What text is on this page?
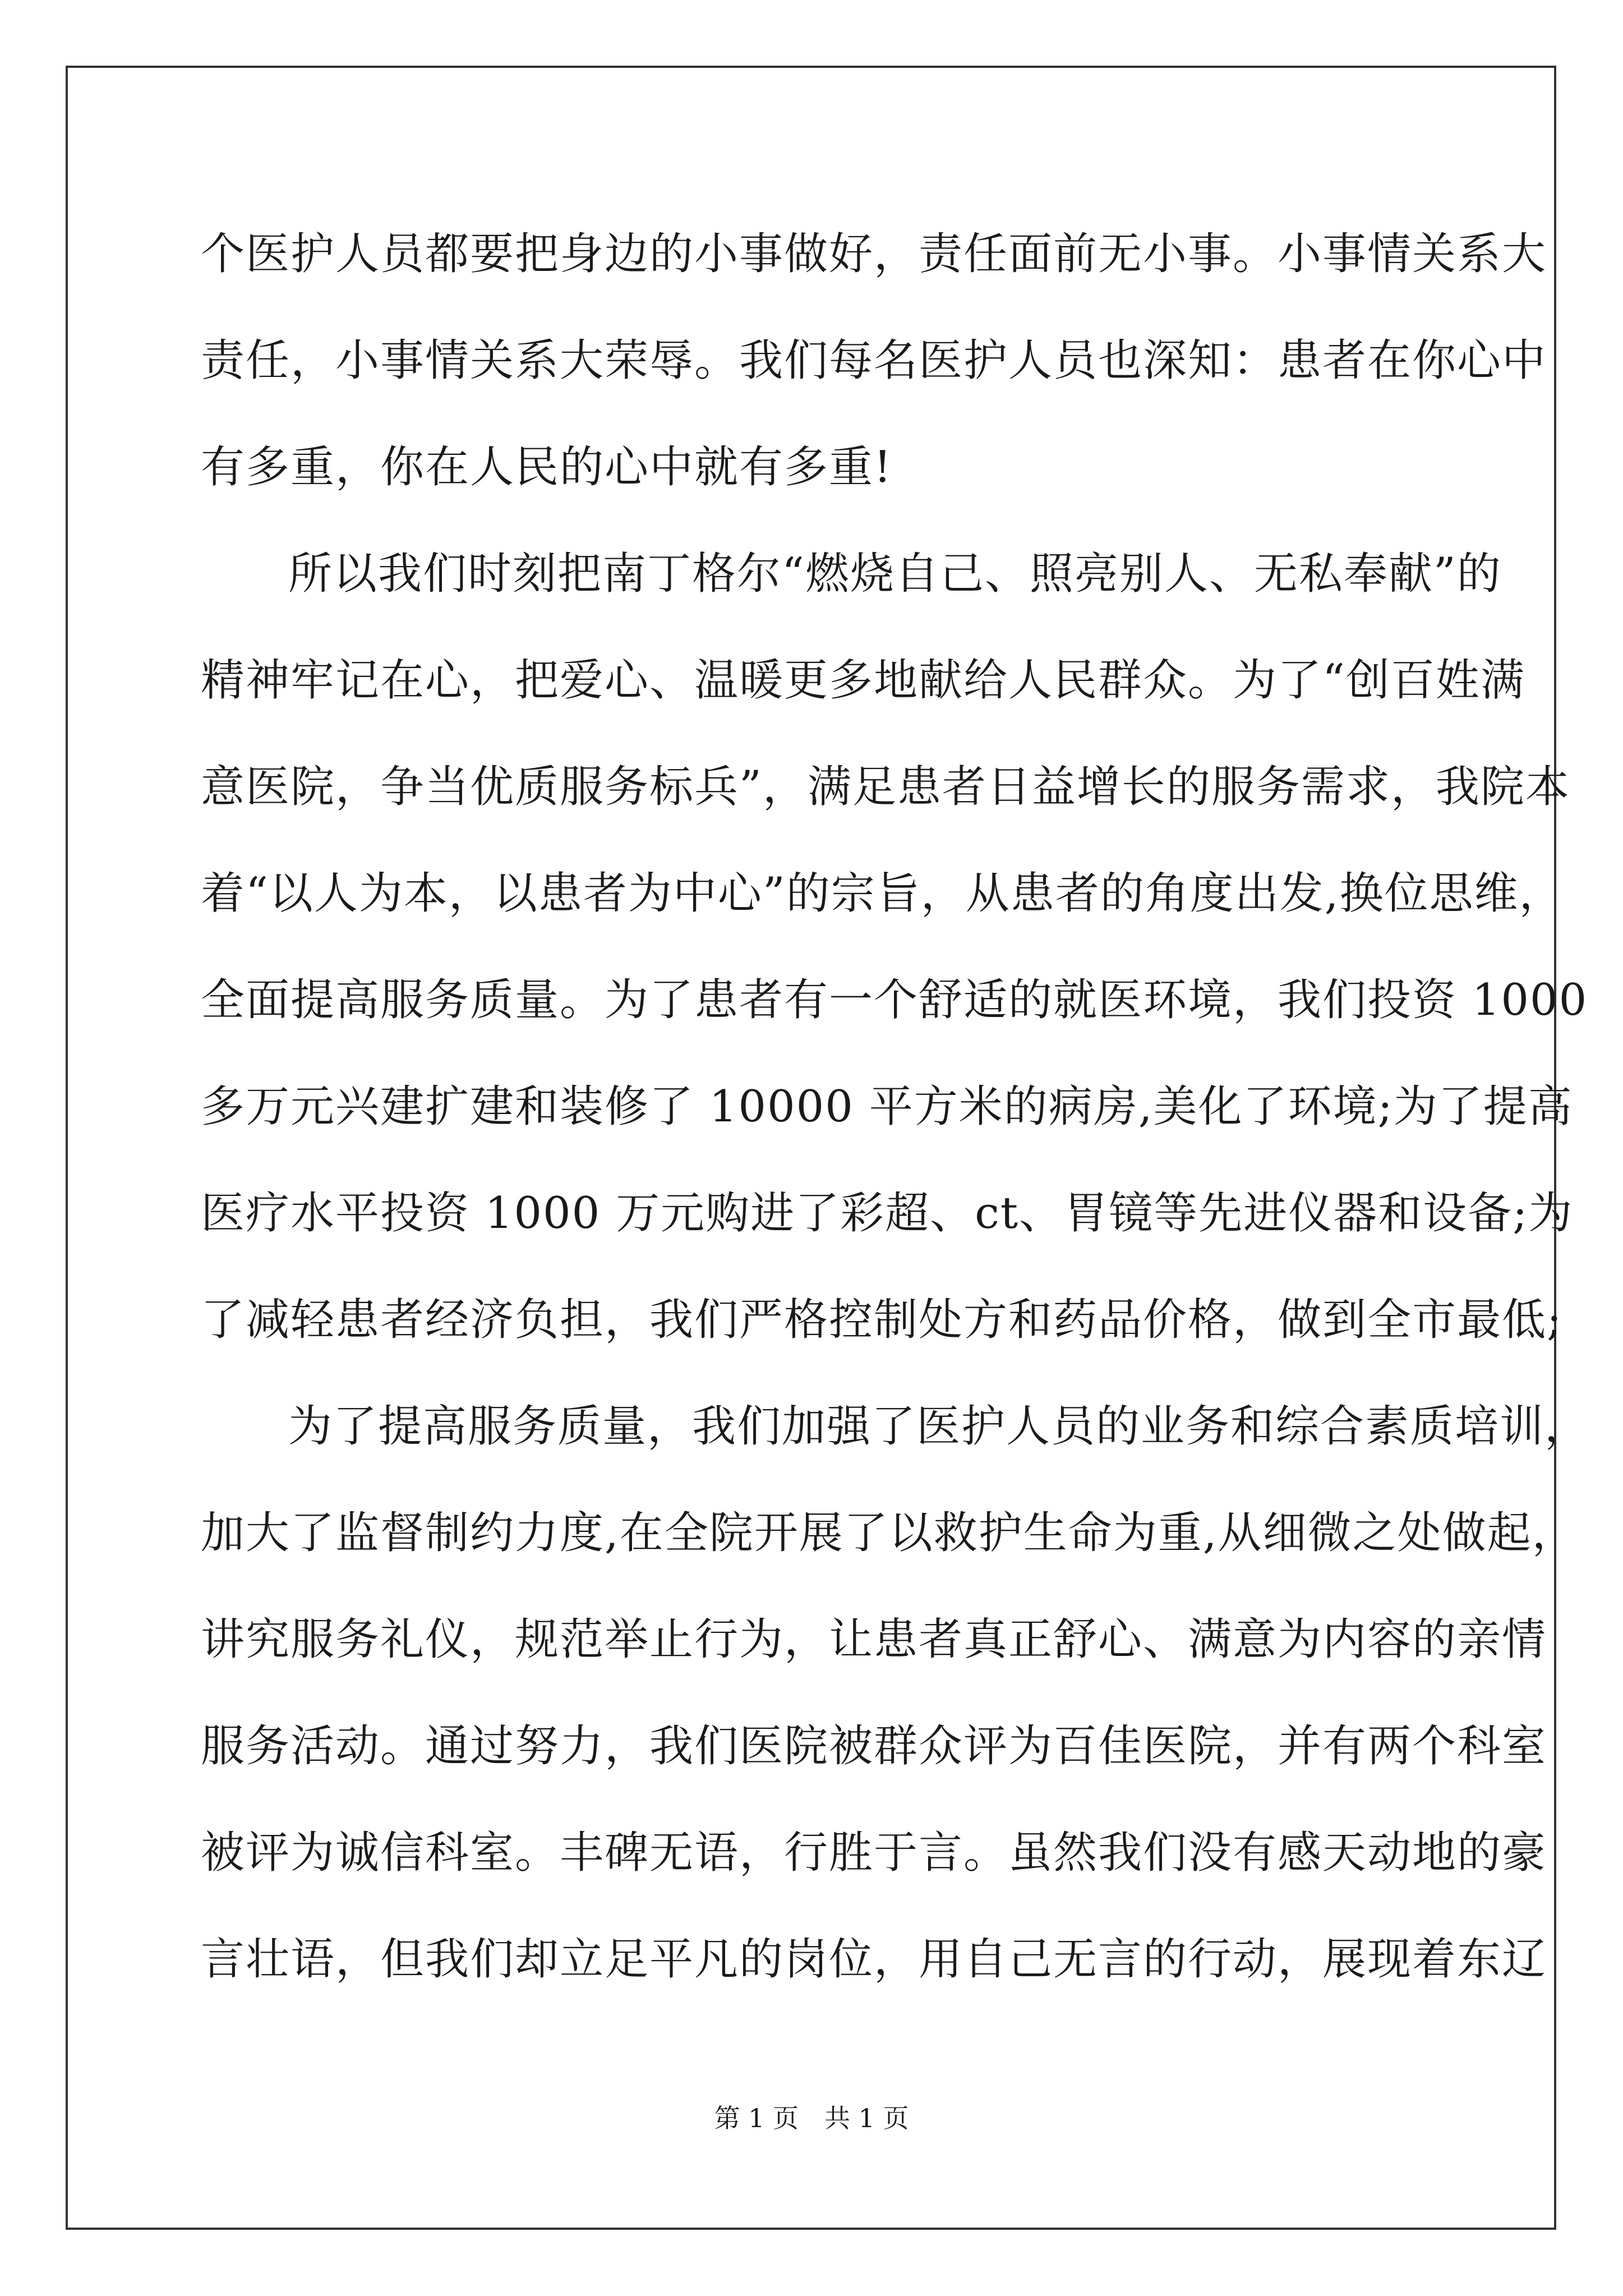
个医护人员都要把身边的小事做好，责任面前无小事。小事情关系大
责任，小事情关系大荣辱。我们每名医护人员也深知：患者在你心中
有多重，你在人民的心中就有多重!
所以我们时刻把南丁格尔“燃烧自己、照亮别人、无私奉献”的
精神牢记在心，把爱心、温暖更多地献给人民群众。为了“创百姓满
意医院，争当优质服务标兵”，满足患者日益增长的服务需求，我院本
着“以人为本，以患者为中心”的宗旨，从患者的角度出发,换位思维，
全面提高服务质量。为了患者有一个舒适的就医环境，我们投资 1000
多万元兴建扩建和装修了 10000 平方米的病房,美化了环境;为了提高
医疗水平投资 1000 万元购进了彩超、ct、胃镜等先进仪器和设备;为
了减轻患者经济负担，我们严格控制处方和药品价格，做到全市最低;
为了提高服务质量，我们加强了医护人员的业务和综合素质培训，
加大了监督制约力度,在全院开展了以救护生命为重,从细微之处做起，
讲究服务礼仪，规范举止行为，让患者真正舒心、满意为内容的亲情
服务活动。通过努力，我们医院被群众评为百佳医院，并有两个科室
被评为诚信科室。丰碑无语，行胜于言。虽然我们没有感天动地的豪
言壮语，但我们却立足平凡的岗位，用自己无言的行动，展现着东辽
第 1 页　共 1 页
